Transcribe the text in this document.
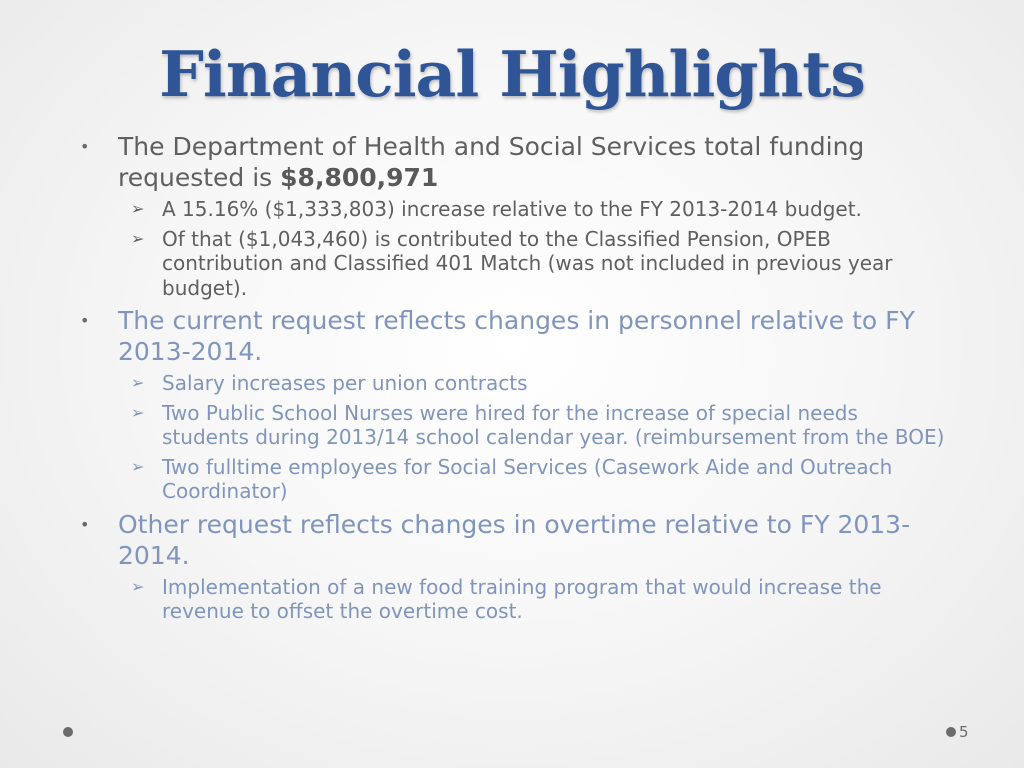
Financial Highlights
• The Department of Health and Social Services total funding requested is $8,800,971
➢ A 15.16% ($1,333,803) increase relative to the FY 2013-2014 budget.
➢ Of that ($1,043,460) is contributed to the Classified Pension, OPEB contribution and Classified 401 Match (was not included in previous year budget).
• The current request reflects changes in personnel relative to FY 2013-2014.
➢ Salary increases per union contracts
➢ Two Public School Nurses were hired for the increase of special needs students during 2013/14 school calendar year. (reimbursement from the BOE)
➢ Two fulltime employees for Social Services (Casework Aide and Outreach Coordinator)
• Other request reflects changes in overtime relative to FY 2013-2014.
➢ Implementation of a new food training program that would increase the revenue to offset the overtime cost.
5
